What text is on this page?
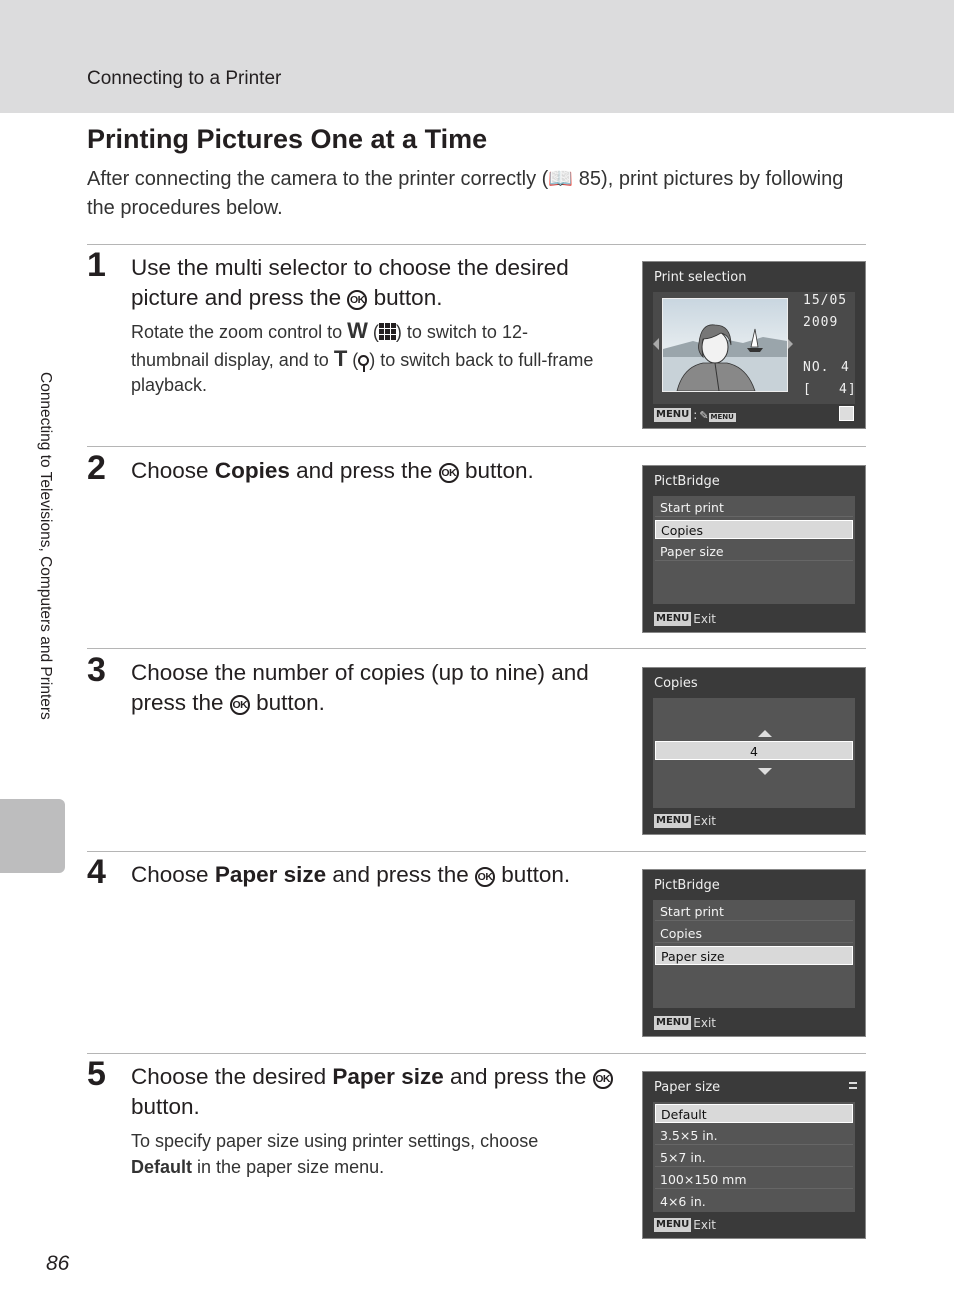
Connecting to a Printer
Connecting to Televisions, Computers and Printers
Printing Pictures One at a Time
After connecting the camera to the printer correctly (📖 85), print pictures by following the procedures below.
1 Use the multi selector to choose the desired picture and press the OK button.
Rotate the zoom control to W ( ) to switch to 12-thumbnail display, and to T ( ) to switch back to full-frame playback.
Print selection
15/05
2009
NO. 4
[ 4]
MENU : ✎ MENU
2 Choose Copies and press the OK button.	PictBridge
Start print
Copies
Paper size
MENU Exit
3 Choose the number of copies (up to nine) and press the OK button.
Copies
4
MENU Exit
4 Choose Paper size and press the OK button.	PictBridge
Start print
Copies
Paper size
MENU Exit
5 Choose the desired Paper size and press the OK button.
To specify paper size using printer settings, choose Default in the paper size menu.
Paper size
Default
3.5×5 in.
5×7 in.
100×150 mm
4×6 in.
MENU Exit
86
